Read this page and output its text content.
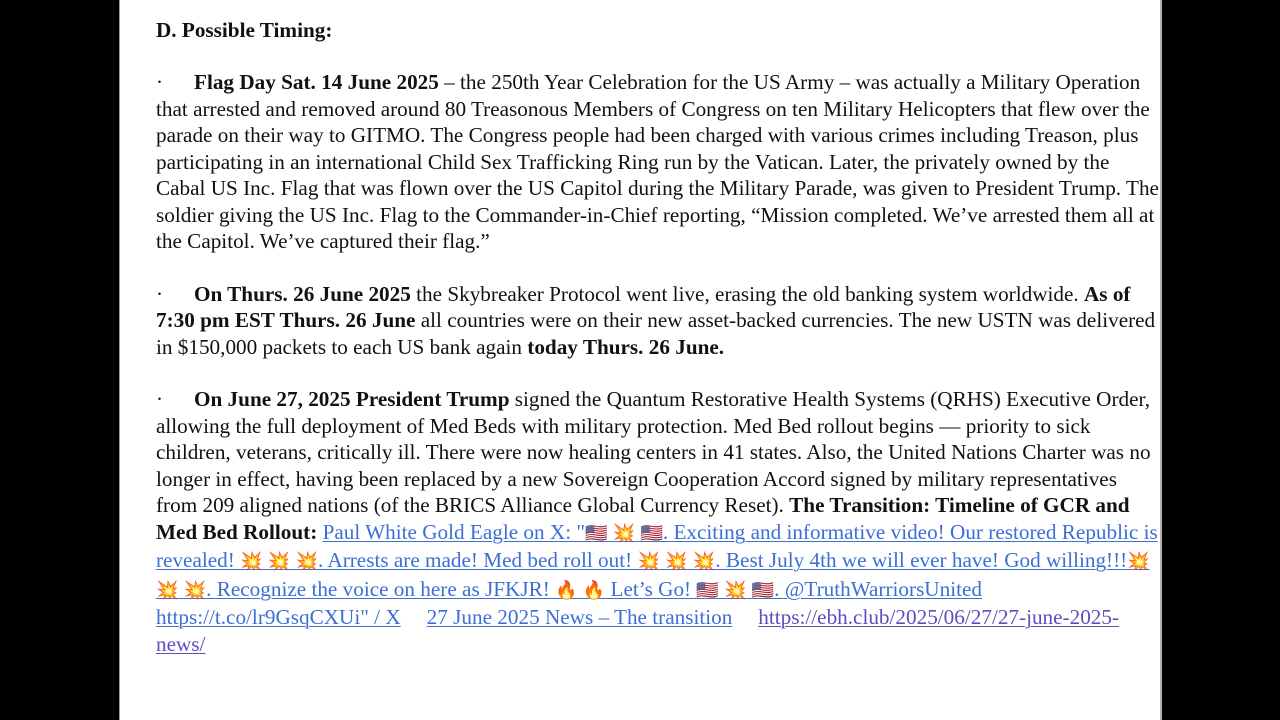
D. Possible Timing:

· Flag Day Sat. 14 June 2025 – the 250th Year Celebration for the US Army – was actually a Military Operation that arrested and removed around 80 Treasonous Members of Congress on ten Military Helicopters that flew over the parade on their way to GITMO. The Congress people had been charged with various crimes including Treason, plus participating in an international Child Sex Trafficking Ring run by the Vatican. Later, the privately owned by the Cabal US Inc. Flag that was flown over the US Capitol during the Military Parade, was given to President Trump. The soldier giving the US Inc. Flag to the Commander-in-Chief reporting, “Mission completed. We’ve arrested them all at the Capitol. We’ve captured their flag.”

· On Thurs. 26 June 2025 the Skybreaker Protocol went live, erasing the old banking system worldwide. As of 7:30 pm EST Thurs. 26 June all countries were on their new asset-backed currencies. The new USTN was delivered in $150,000 packets to each US bank again today Thurs. 26 June.

· On June 27, 2025 President Trump signed the Quantum Restorative Health Systems (QRHS) Executive Order, allowing the full deployment of Med Beds with military protection. Med Bed rollout begins — priority to sick children, veterans, critically ill. There were now healing centers in 41 states. Also, the United Nations Charter was no longer in effect, having been replaced by a new Sovereign Cooperation Accord signed by military representatives from 209 aligned nations (of the BRICS Alliance Global Currency Reset). The Transition: Timeline of GCR and Med Bed Rollout: Paul White Gold Eagle on X: "🇺🇸 💥 🇺🇸. Exciting and informative video! Our restored Republic is revealed! 💥 💥 💥. Arrests are made! Med bed roll out! 💥 💥 💥. Best July 4th we will ever have! God willing!!!💥 💥 💥. Recognize the voice on here as JFKJR! 🔥 🔥 Let’s Go! 🇺🇸 💥 🇺🇸. @TruthWarriorsUnited https://t.co/lr9GsqCXUi" / X 27 June 2025 News – The transition https://ebh.club/2025/06/27/27-june-2025-news/
